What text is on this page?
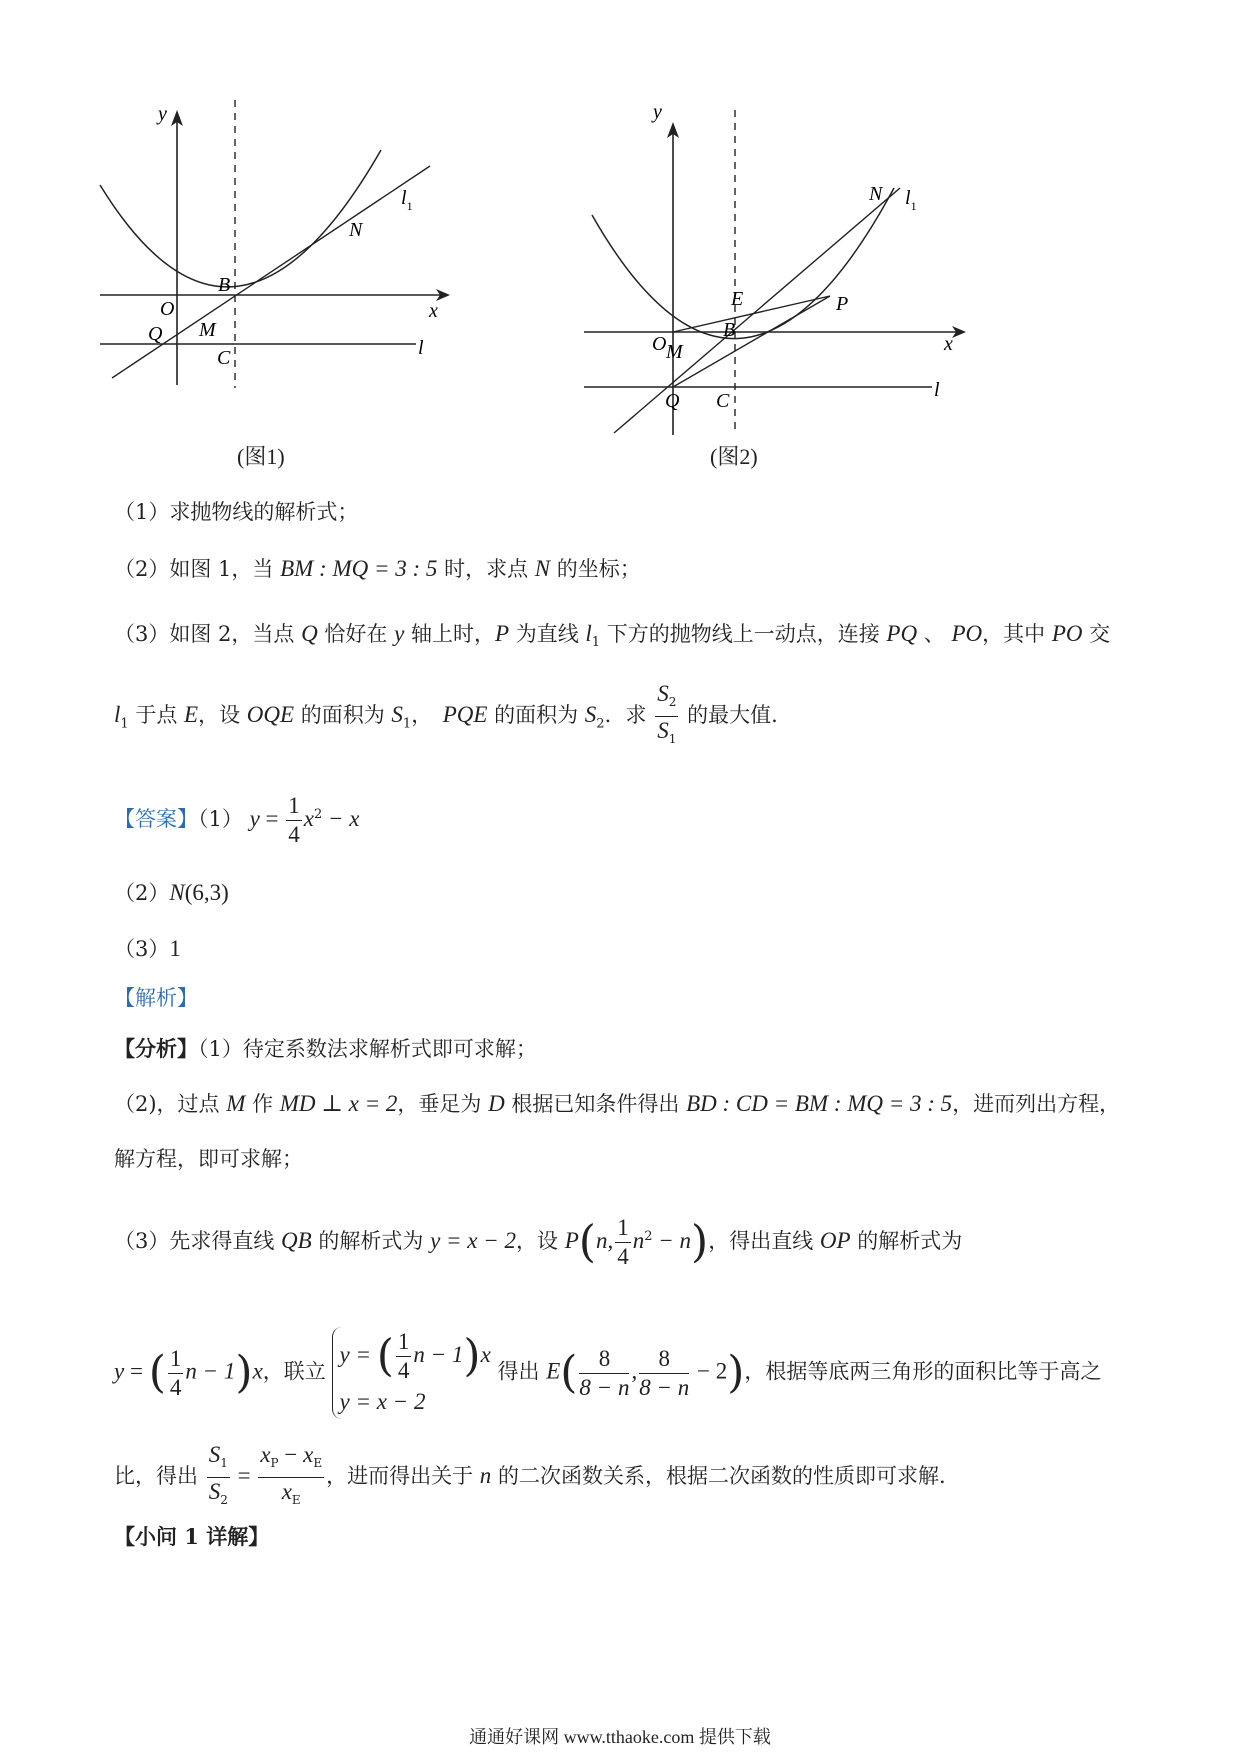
y
x
O
B
N
$l_1$
Q M
C	l
(图1)
y
x
O
B
N $l_1$
E	P
M
Q C	l
(图2)
（1）求抛物线的解析式；
（2）如图 1，当 BM : MQ = 3 : 5 时，求点 N 的坐标；
（3）如图 2，当点 Q 恰好在 y 轴上时，P 为直线 $l_1$ 下方的抛物线上一动点，连接 PQ 、 PO，其中 PO 交
$l_1$ 于点 E，设 OQE 的面积为 $S_1$，　PQE 的面积为 $S_2$．求 $\frac{S_2}{S_1}$ 的最大值.
【答案】（1） $y = \frac{1}{4} x^2 - x$
（2）N(6,3)
（3）1
【解析】
【分析】（1）待定系数法求解析式即可求解；
（2)，过点 M 作 MD ⊥ x = 2，垂足为 D 根据已知条件得出 BD : CD = BM : MQ = 3 : 5，进而列出方程，
解方程，即可求解；
（3）先求得直线 QB 的解析式为 y = x − 2，设 P(n, $\frac{1}{4} n^2 - n$)，得出直线 OP 的解析式为
y = ( $\frac{1}{4}$ n − 1)x，联立
y = ( $\frac{1}{4}$ n − 1)x
y = x − 2
得出 $E( \frac{8}{8 - n}$ , $\frac{8}{8 - n} - 2$)，根据等底两三角形的面积比等于高之
比，得出 $\frac{S_1}{S_2} = \frac{x_P - x_E}{x_E}$ ，进而得出关于 n 的二次函数关系，根据二次函数的性质即可求解.
【小问 1 详解】
通通好课网 www.tthaoke.com 提供下载
